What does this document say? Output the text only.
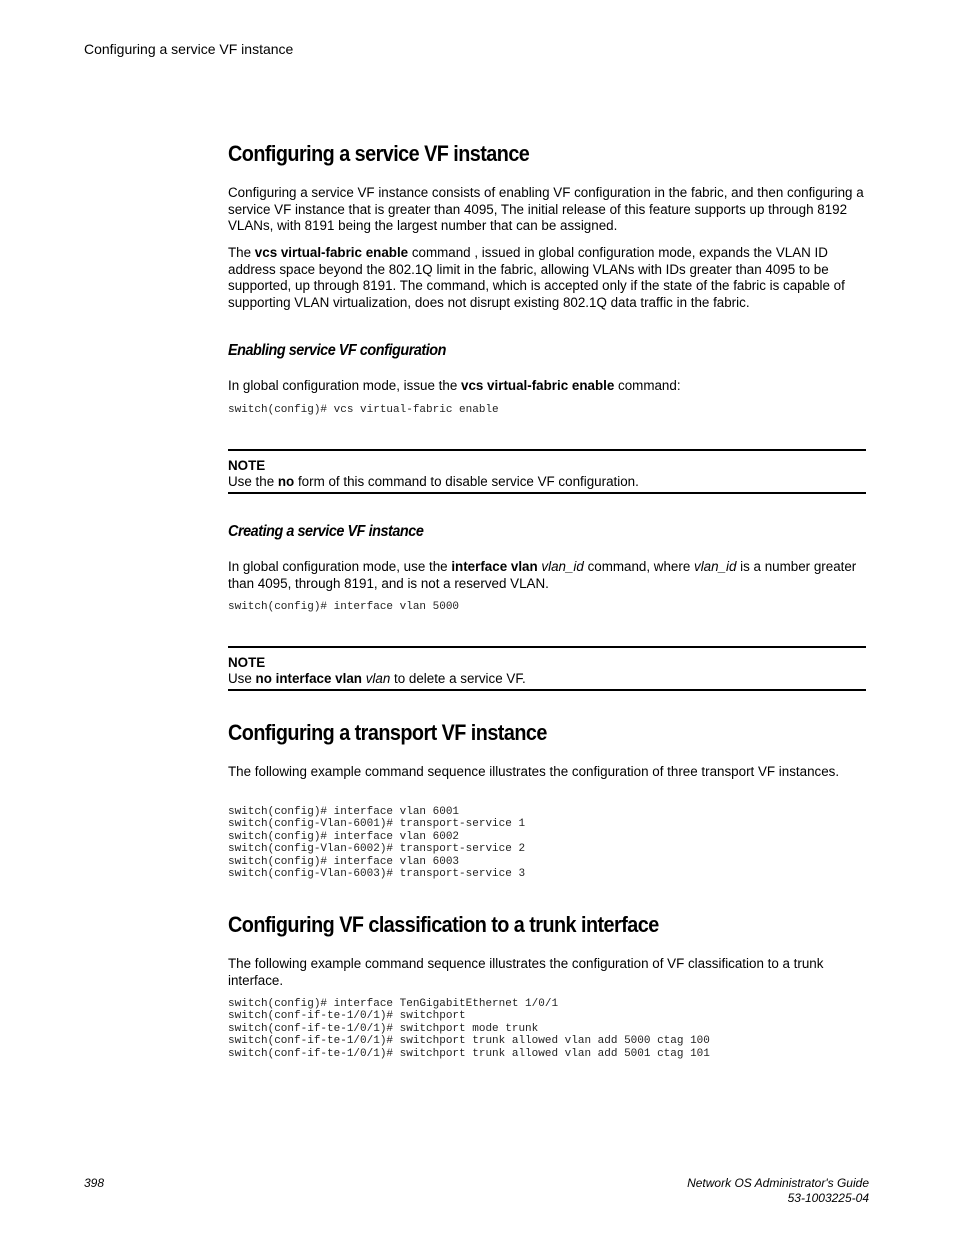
Configuring a service VF instance
Configuring a service VF instance
Configuring a service VF instance consists of enabling VF configuration in the fabric, and then configuring a service VF instance that is greater than 4095, The initial release of this feature supports up through 8192 VLANs, with 8191 being the largest number that can be assigned.
The vcs virtual-fabric enable command , issued in global configuration mode, expands the VLAN ID address space beyond the 802.1Q limit in the fabric, allowing VLANs with IDs greater than 4095 to be supported, up through 8191. The command, which is accepted only if the state of the fabric is capable of supporting VLAN virtualization, does not disrupt existing 802.1Q data traffic in the fabric.
Enabling service VF configuration
In global configuration mode, issue the vcs virtual-fabric enable command:
switch(config)# vcs virtual-fabric enable
NOTE
Use the no form of this command to disable service VF configuration.
Creating a service VF instance
In global configuration mode, use the interface vlan vlan_id command, where vlan_id is a number greater than 4095, through 8191, and is not a reserved VLAN.
switch(config)# interface vlan 5000
NOTE
Use no interface vlan vlan to delete a service VF.
Configuring a transport VF instance
The following example command sequence illustrates the configuration of three transport VF instances.
switch(config)# interface vlan 6001
switch(config-Vlan-6001)# transport-service 1
switch(config)# interface vlan 6002
switch(config-Vlan-6002)# transport-service 2
switch(config)# interface vlan 6003
switch(config-Vlan-6003)# transport-service 3
Configuring VF classification to a trunk interface
The following example command sequence illustrates the configuration of VF classification to a trunk interface.
switch(config)# interface TenGigabitEthernet 1/0/1
switch(conf-if-te-1/0/1)# switchport
switch(conf-if-te-1/0/1)# switchport mode trunk
switch(conf-if-te-1/0/1)# switchport trunk allowed vlan add 5000 ctag 100
switch(conf-if-te-1/0/1)# switchport trunk allowed vlan add 5001 ctag 101
398	Network OS Administrator's Guide
53-1003225-04
